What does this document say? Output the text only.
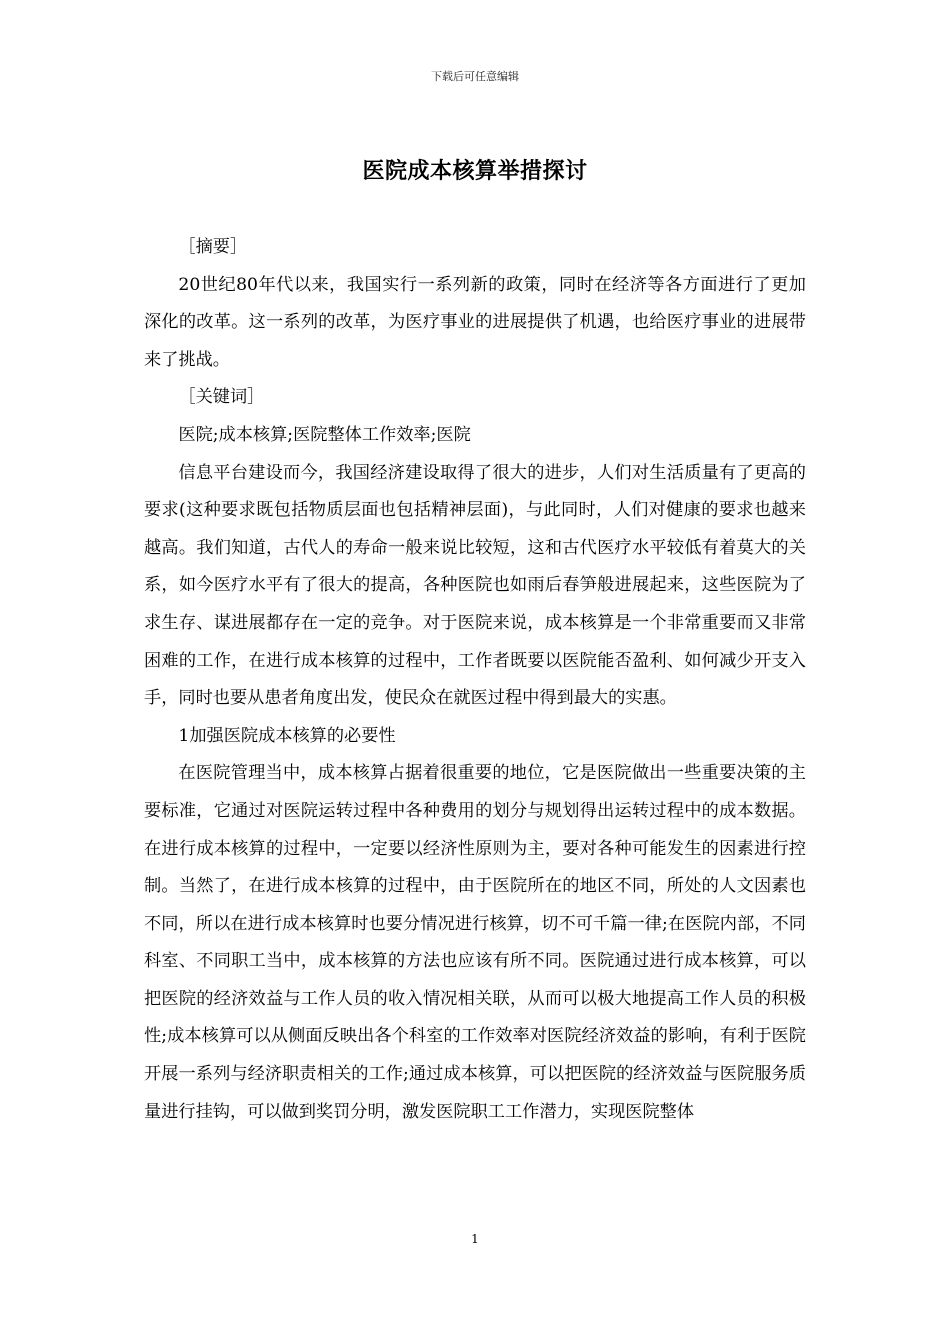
下载后可任意编辑
医院成本核算举措探讨

［摘要］

20世纪80年代以来，我国实行一系列新的政策，同时在经济等各方面进行了更加深化的改革。这一系列的改革，为医疗事业的进展提供了机遇，也给医疗事业的进展带来了挑战。

［关键词］

医院;成本核算;医院整体工作效率;医院

信息平台建设而今，我国经济建设取得了很大的进步，人们对生活质量有了更高的要求(这种要求既包括物质层面也包括精神层面)，与此同时，人们对健康的要求也越来越高。我们知道，古代人的寿命一般来说比较短，这和古代医疗水平较低有着莫大的关系，如今医疗水平有了很大的提高，各种医院也如雨后春笋般进展起来，这些医院为了求生存、谋进展都存在一定的竞争。对于医院来说，成本核算是一个非常重要而又非常困难的工作，在进行成本核算的过程中，工作者既要以医院能否盈利、如何减少开支入手，同时也要从患者角度出发，使民众在就医过程中得到最大的实惠。

1加强医院成本核算的必要性

在医院管理当中，成本核算占据着很重要的地位，它是医院做出一些重要决策的主要标准，它通过对医院运转过程中各种费用的划分与规划得出运转过程中的成本数据。在进行成本核算的过程中，一定要以经济性原则为主，要对各种可能发生的因素进行控制。当然了，在进行成本核算的过程中，由于医院所在的地区不同，所处的人文因素也不同，所以在进行成本核算时也要分情况进行核算，切不可千篇一律;在医院内部，不同科室、不同职工当中，成本核算的方法也应该有所不同。医院通过进行成本核算，可以把医院的经济效益与工作人员的收入情况相关联，从而可以极大地提高工作人员的积极性;成本核算可以从侧面反映出各个科室的工作效率对医院经济效益的影响，有利于医院开展一系列与经济职责相关的工作;通过成本核算，可以把医院的经济效益与医院服务质量进行挂钩，可以做到奖罚分明，激发医院职工工作潜力，实现医院整体

1
